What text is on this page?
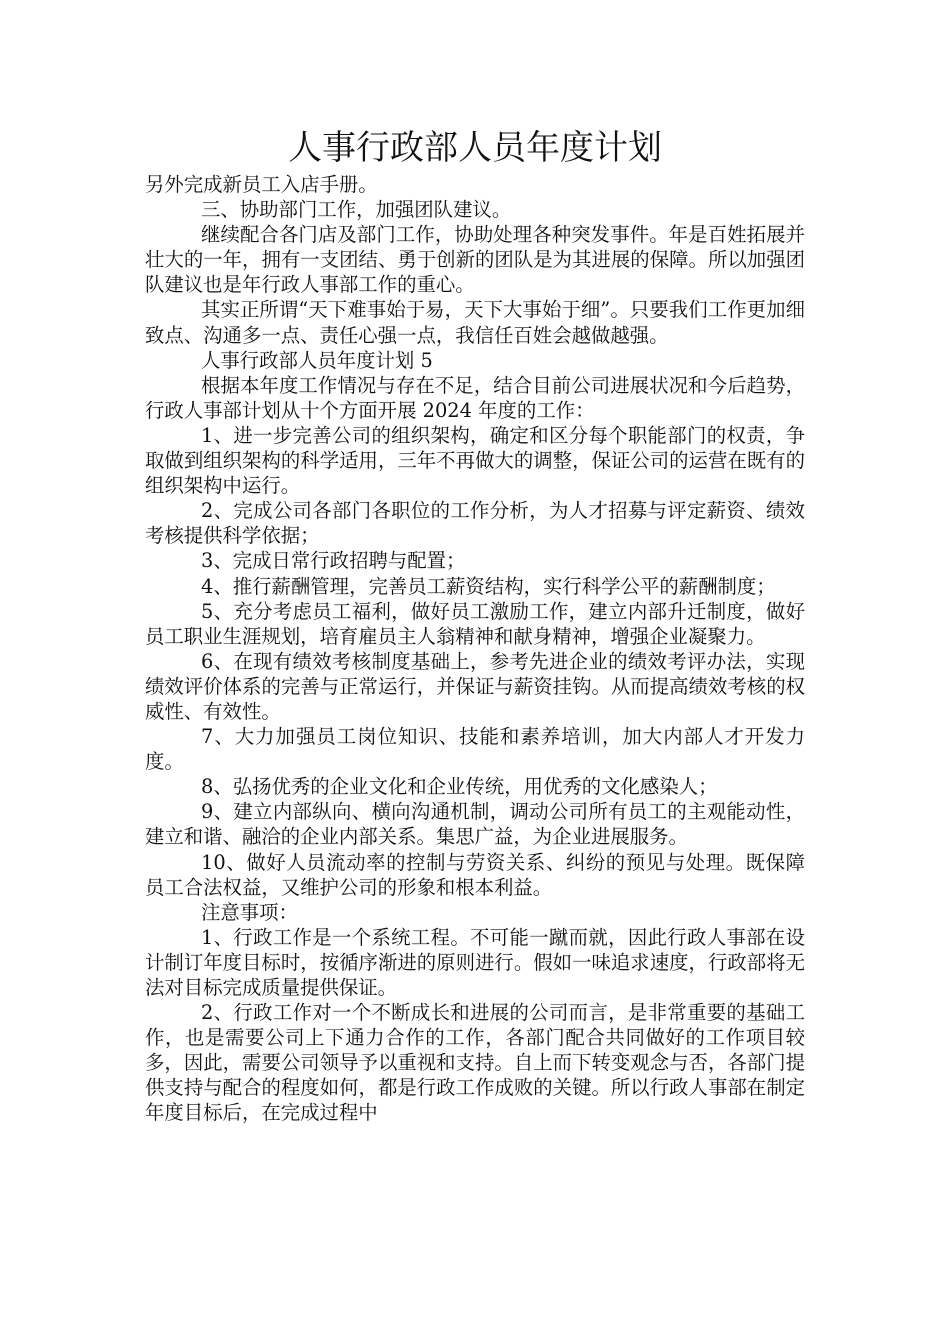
人事行政部人员年度计划

另外完成新员工入店手册。

三、协助部门工作，加强团队建议。

继续配合各门店及部门工作，协助处理各种突发事件。年是百姓拓展并壮大的一年，拥有一支团结、勇于创新的团队是为其进展的保障。所以加强团队建议也是年行政人事部工作的重心。

其实正所谓“天下难事始于易，天下大事始于细”。只要我们工作更加细致点、沟通多一点、责任心强一点，我信任百姓会越做越强。

人事行政部人员年度计划 5

根据本年度工作情况与存在不足，结合目前公司进展状况和今后趋势，行政人事部计划从十个方面开展 2024 年度的工作：

1、进一步完善公司的组织架构，确定和区分每个职能部门的权责，争取做到组织架构的科学适用，三年不再做大的调整，保证公司的运营在既有的组织架构中运行。

2、完成公司各部门各职位的工作分析，为人才招募与评定薪资、绩效考核提供科学依据；

3、完成日常行政招聘与配置；

4、推行薪酬管理，完善员工薪资结构，实行科学公平的薪酬制度；

5、充分考虑员工福利，做好员工激励工作，建立内部升迁制度，做好员工职业生涯规划，培育雇员主人翁精神和献身精神，增强企业凝聚力。

6、在现有绩效考核制度基础上，参考先进企业的绩效考评办法，实现绩效评价体系的完善与正常运行，并保证与薪资挂钩。从而提高绩效考核的权威性、有效性。

7、大力加强员工岗位知识、技能和素养培训，加大内部人才开发力度。

8、弘扬优秀的企业文化和企业传统，用优秀的文化感染人；

9、建立内部纵向、横向沟通机制，调动公司所有员工的主观能动性，建立和谐、融洽的企业内部关系。集思广益，为企业进展服务。

10、做好人员流动率的控制与劳资关系、纠纷的预见与处理。既保障员工合法权益，又维护公司的形象和根本利益。

注意事项：

1、行政工作是一个系统工程。不可能一蹴而就，因此行政人事部在设计制订年度目标时，按循序渐进的原则进行。假如一味追求速度，行政部将无法对目标完成质量提供保证。

2、行政工作对一个不断成长和进展的公司而言，是非常重要的基础工作，也是需要公司上下通力合作的工作，各部门配合共同做好的工作项目较多，因此，需要公司领导予以重视和支持。自上而下转变观念与否，各部门提供支持与配合的程度如何，都是行政工作成败的关键。所以行政人事部在制定年度目标后，在完成过程中
